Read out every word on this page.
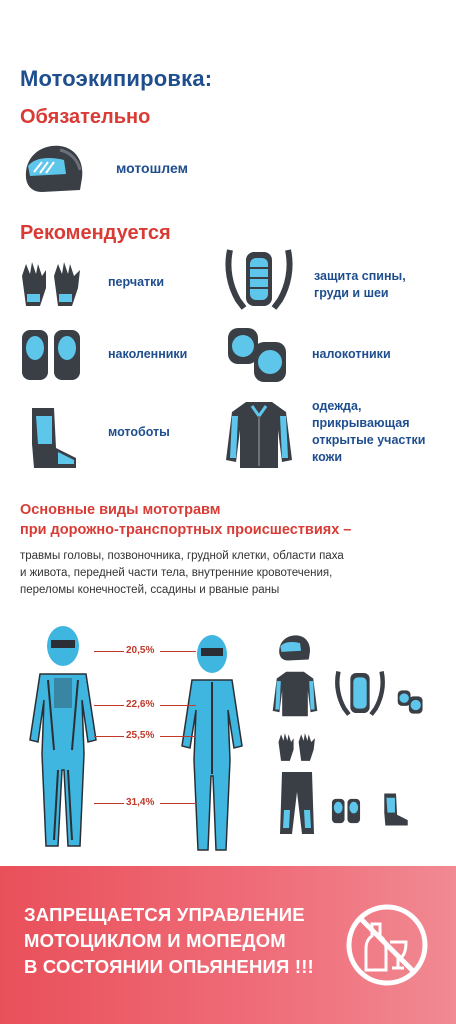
Мотоэкипировка:
Обязательно
мотошлем
Рекомендуется
перчатки	защита спины,
груди и шеи
наколенники	налокотники
мотоботы
одежда,
прикрывающая
открытые участки
кожи
Основные виды мототравм
при дорожно-транспортных происшествиях –
травмы головы, позвоночника, грудной клетки, области паха
и живота, передней части тела, внутренние кровотечения,
переломы конечностей, ссадины и рваные раны
20,5%
22,6%
25,5%
31,4%
ЗАПРЕЩАЕТСЯ УПРАВЛЕНИЕ
МОТОЦИКЛОМ И МОПЕДОМ
В СОСТОЯНИИ ОПЬЯНЕНИЯ !!!
